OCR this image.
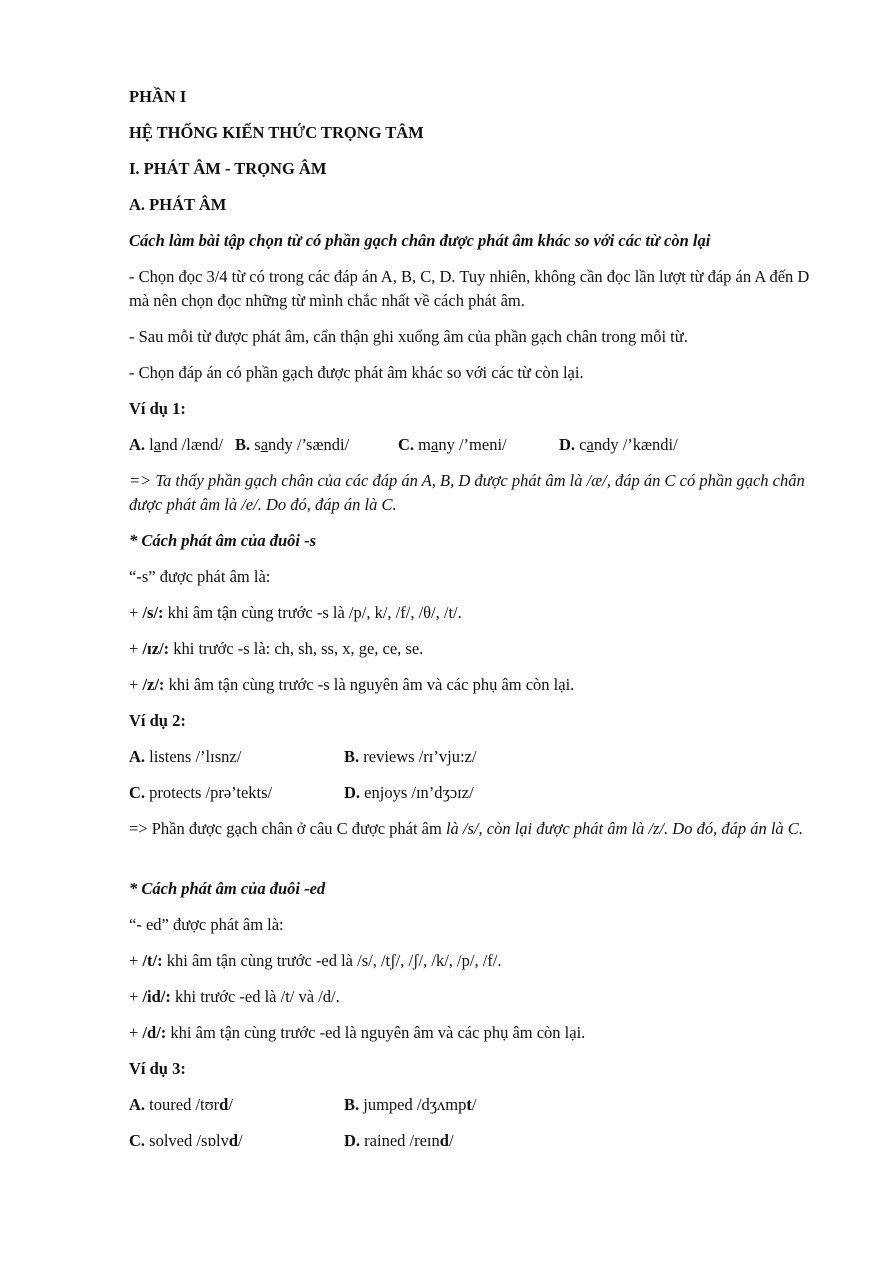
PHẦN I
HỆ THỐNG KIẾN THỨC TRỌNG TÂM
I. PHÁT ÂM - TRỌNG ÂM
A. PHÁT ÂM
Cách làm bài tập chọn từ có phần gạch chân được phát âm khác so với các từ còn lại
- Chọn đọc 3/4 từ có trong các đáp án A, B, C, D. Tuy nhiên, không cần đọc lần lượt từ đáp án A đến D mà nên chọn đọc những từ mình chắc nhất về cách phát âm.
- Sau mỗi từ được phát âm, cẩn thận ghi xuống âm của phần gạch chân trong mỗi từ.
- Chọn đáp án có phần gạch được phát âm khác so với các từ còn lại.
Ví dụ 1:
A. land /lænd/ B. sandy /’sændi/	C. many /’meni/	D. candy /’kændi/
=> Ta thấy phần gạch chân của các đáp án A, B, D được phát âm là /æ/, đáp án C có phần gạch chân được phát âm là /e/. Do đó, đáp án là C.
* Cách phát âm của đuôi -s
“-s” được phát âm là:
+ /s/: khi âm tận cùng trước -s là /p/, k/, /f/, /θ/, /t/.
+ /ɪz/: khi trước -s là: ch, sh, ss, x, ge, ce, se.
+ /z/: khi âm tận cùng trước -s là nguyên âm và các phụ âm còn lại.
Ví dụ 2:
A. listens /’lɪsnz/	B. reviews /rɪ’vju:z/
C. protects /prə’tekts/	D. enjoys /ɪn’dʒɔɪz/
=> Phần được gạch chân ở câu C được phát âm là /s/, còn lại được phát âm là /z/. Do đó, đáp án là C.
* Cách phát âm của đuôi -ed
“- ed” được phát âm là:
+ /t/: khi âm tận cùng trước -ed là /s/, /tʃ/, /ʃ/, /k/, /p/, /f/.
+ /id/: khi trước -ed là /t/ và /d/.
+ /d/: khi âm tận cùng trước -ed là nguyên âm và các phụ âm còn lại.
Ví dụ 3:
A. toured /tʊrd/	B. jumped /dʒʌmpt/
C. solved /sɒlvd/	D. rained /reɪnd/
